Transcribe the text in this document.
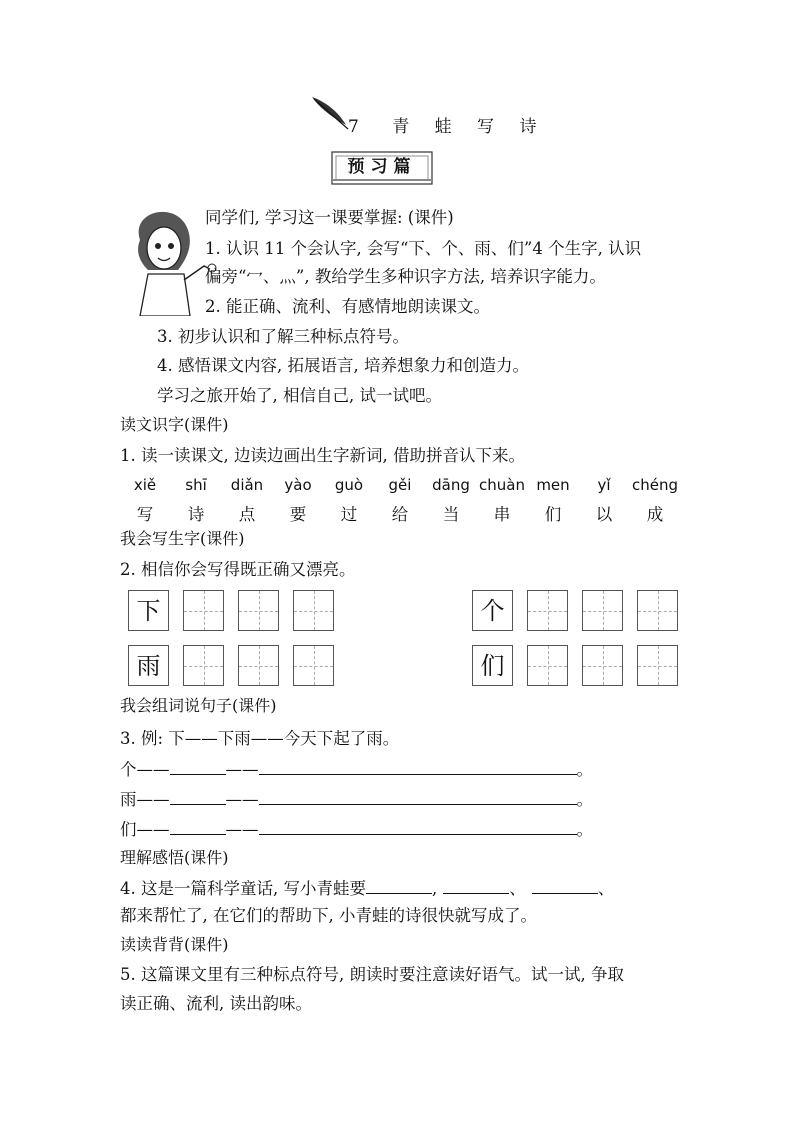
7 青 蛙 写 诗
预习篇
同学们, 学习这一课要掌握: (课件)
1. 认识 11 个会认字, 会写“下、个、雨、们”4 个生字, 认识
偏旁“冖、灬”, 教给学生多种识字方法, 培养识字能力。
2. 能正确、流利、有感情地朗读课文。
3. 初步认识和了解三种标点符号。
4. 感悟课文内容, 拓展语言, 培养想象力和创造力。
学习之旅开始了, 相信自己, 试一试吧。
读文识字(课件)
1. 读一读课文, 边读边画出生字新词, 借助拼音认下来。
xiě	shī	diǎn	yào	guò	gěi	dāng chuàn men	yǐ	chéng
写	诗	点	要	过	给	当	串	们	以	成
我会写生字(课件)
2. 相信你会写得既正确又漂亮。
下	个
雨	们
我会组词说句子(课件)
3. 例: 下——下雨——今天下起了雨。
个——	——	。
雨——	——	。
们——	——	。
理解感悟(课件)
4. 这是一篇科学童话, 写小青蛙要	,	、	、
都来帮忙了, 在它们的帮助下, 小青蛙的诗很快就写成了。
读读背背(课件)
5. 这篇课文里有三种标点符号, 朗读时要注意读好语气。试一试, 争取
读正确、流利, 读出韵味。
